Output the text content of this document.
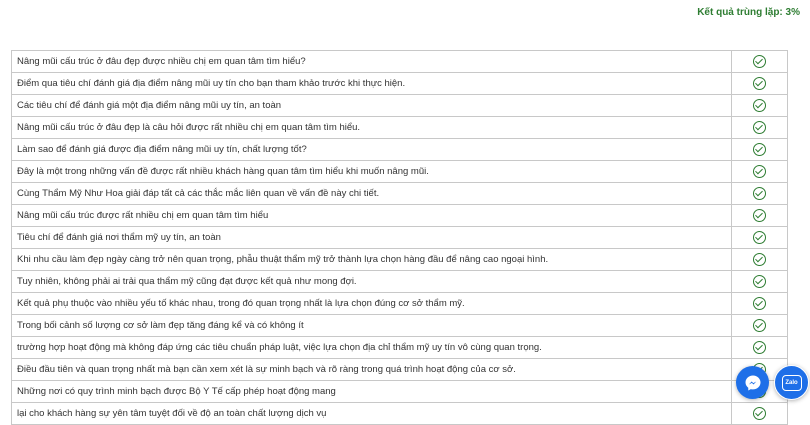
Kết quả trùng lặp: 3%
Nâng mũi cấu trúc ở đâu đẹp được nhiều chị em quan tâm tìm hiểu?	
Điểm qua tiêu chí đánh giá địa điểm nâng mũi uy tín cho bạn tham khảo trước khi thực hiện.	
Các tiêu chí để đánh giá một địa điểm nâng mũi uy tín, an toàn	
Nâng mũi cấu trúc ở đâu đẹp là câu hỏi được rất nhiều chị em quan tâm tìm hiểu.	
Làm sao để đánh giá được địa điểm nâng mũi uy tín, chất lượng tốt?	
Đây là một trong những vấn đề được rất nhiều khách hàng quan tâm tìm hiểu khi muốn nâng mũi.	
Cùng Thẩm Mỹ Như Hoa giải đáp tất cả các thắc mắc liên quan về vấn đề này chi tiết.	
Nâng mũi cấu trúc được rất nhiều chị em quan tâm tìm hiểu	
Tiêu chí để đánh giá nơi thẩm mỹ uy tín, an toàn	
Khi nhu cầu làm đẹp ngày càng trở nên quan trọng, phẫu thuật thẩm mỹ trở thành lựa chọn hàng đầu để nâng cao ngoại hình.	
Tuy nhiên, không phải ai trải qua thẩm mỹ cũng đạt được kết quả như mong đợi.	
Kết quả phụ thuộc vào nhiều yếu tố khác nhau, trong đó quan trọng nhất là lựa chọn đúng cơ sở thẩm mỹ.	
Trong bối cảnh số lượng cơ sở làm đẹp tăng đáng kể và có không ít	
trường hợp hoạt động mà không đáp ứng các tiêu chuẩn pháp luật, việc lựa chọn địa chỉ thẩm mỹ uy tín vô cùng quan trọng.	
Điều đầu tiên và quan trọng nhất mà bạn cần xem xét là sự minh bạch và rõ ràng trong quá trình hoạt động của cơ sở.	
Những nơi có quy trình minh bạch được Bộ Y Tế cấp phép hoạt động mang	
lại cho khách hàng sự yên tâm tuyệt đối về độ an toàn chất lượng dịch vụ	
Zalo
